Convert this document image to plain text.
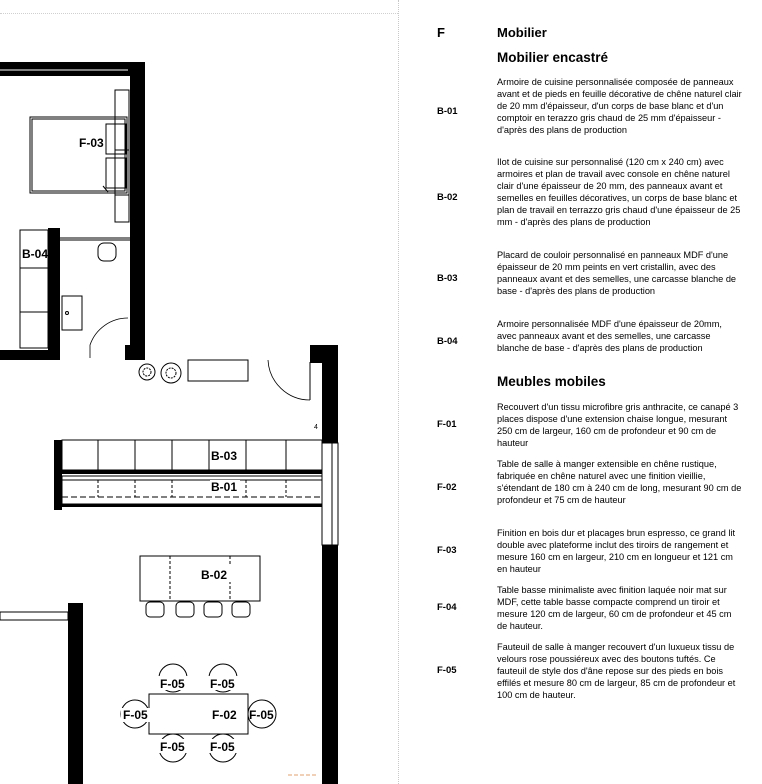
F-03
B-04
B-03
B-01
B-02
F-05 F-05
F-05	F-05
F-05 F-05
F-02
4
F	Mobilier
Mobilier encastré
B-01
Armoire de cuisine personnalisée composée de panneaux avant et de pieds en feuille décorative de chêne naturel clair de 20 mm d'épaisseur, d'un corps de base blanc et d'un comptoir en terazzo gris chaud de 25 mm d'épaisseur - d'après des plans de production
B-02
Ilot de cuisine sur personnalisé (120 cm x 240 cm) avec armoires et plan de travail avec console en chêne naturel clair d'une épaisseur de 20 mm, des panneaux avant et semelles en feuilles décoratives, un corps de base blanc et plan de travail en terrazzo gris chaud d'une épaisseur de 25 mm - d'après des plans de production
B-03
Placard de couloir personnalisé en panneaux MDF d'une épaisseur de 20 mm peints en vert cristallin, avec des panneaux avant et des semelles, une carcasse blanche de base - d'après des plans de production
B-04
Armoire personnalisée MDF d'une épaisseur de 20mm, avec panneaux avant et des semelles, une carcasse blanche de base - d'après des plans de production
Meubles mobiles
F-01
Recouvert d'un tissu microfibre gris anthracite, ce canapé 3 places dispose d'une extension chaise longue, mesurant 250 cm de largeur, 160 cm de profondeur et 90 cm de hauteur
F-02
Table de salle à manger extensible en chêne rustique, fabriquée en chêne naturel avec une finition vieillie, s'étendant de 180 cm à 240 cm de long, mesurant 90 cm de profondeur et 75 cm de hauteur
F-03
Finition en bois dur et placages brun espresso, ce grand lit double avec plateforme inclut des tiroirs de rangement et mesure 160 cm en largeur, 210 cm en longueur et 121 cm en hauteur
F-04
Table basse minimaliste avec finition laquée noir mat sur MDF, cette table basse compacte comprend un tiroir et mesure 120 cm de largeur, 60 cm de profondeur et 45 cm de hauteur.
F-05
Fauteuil de salle à manger recouvert d'un luxueux tissu de velours rose poussiéreux avec des boutons tuftés. Ce fauteuil de style dos d'âne repose sur des pieds en bois effilés et mesure 80 cm de largeur, 85 cm de profondeur et 100 cm de hauteur.
